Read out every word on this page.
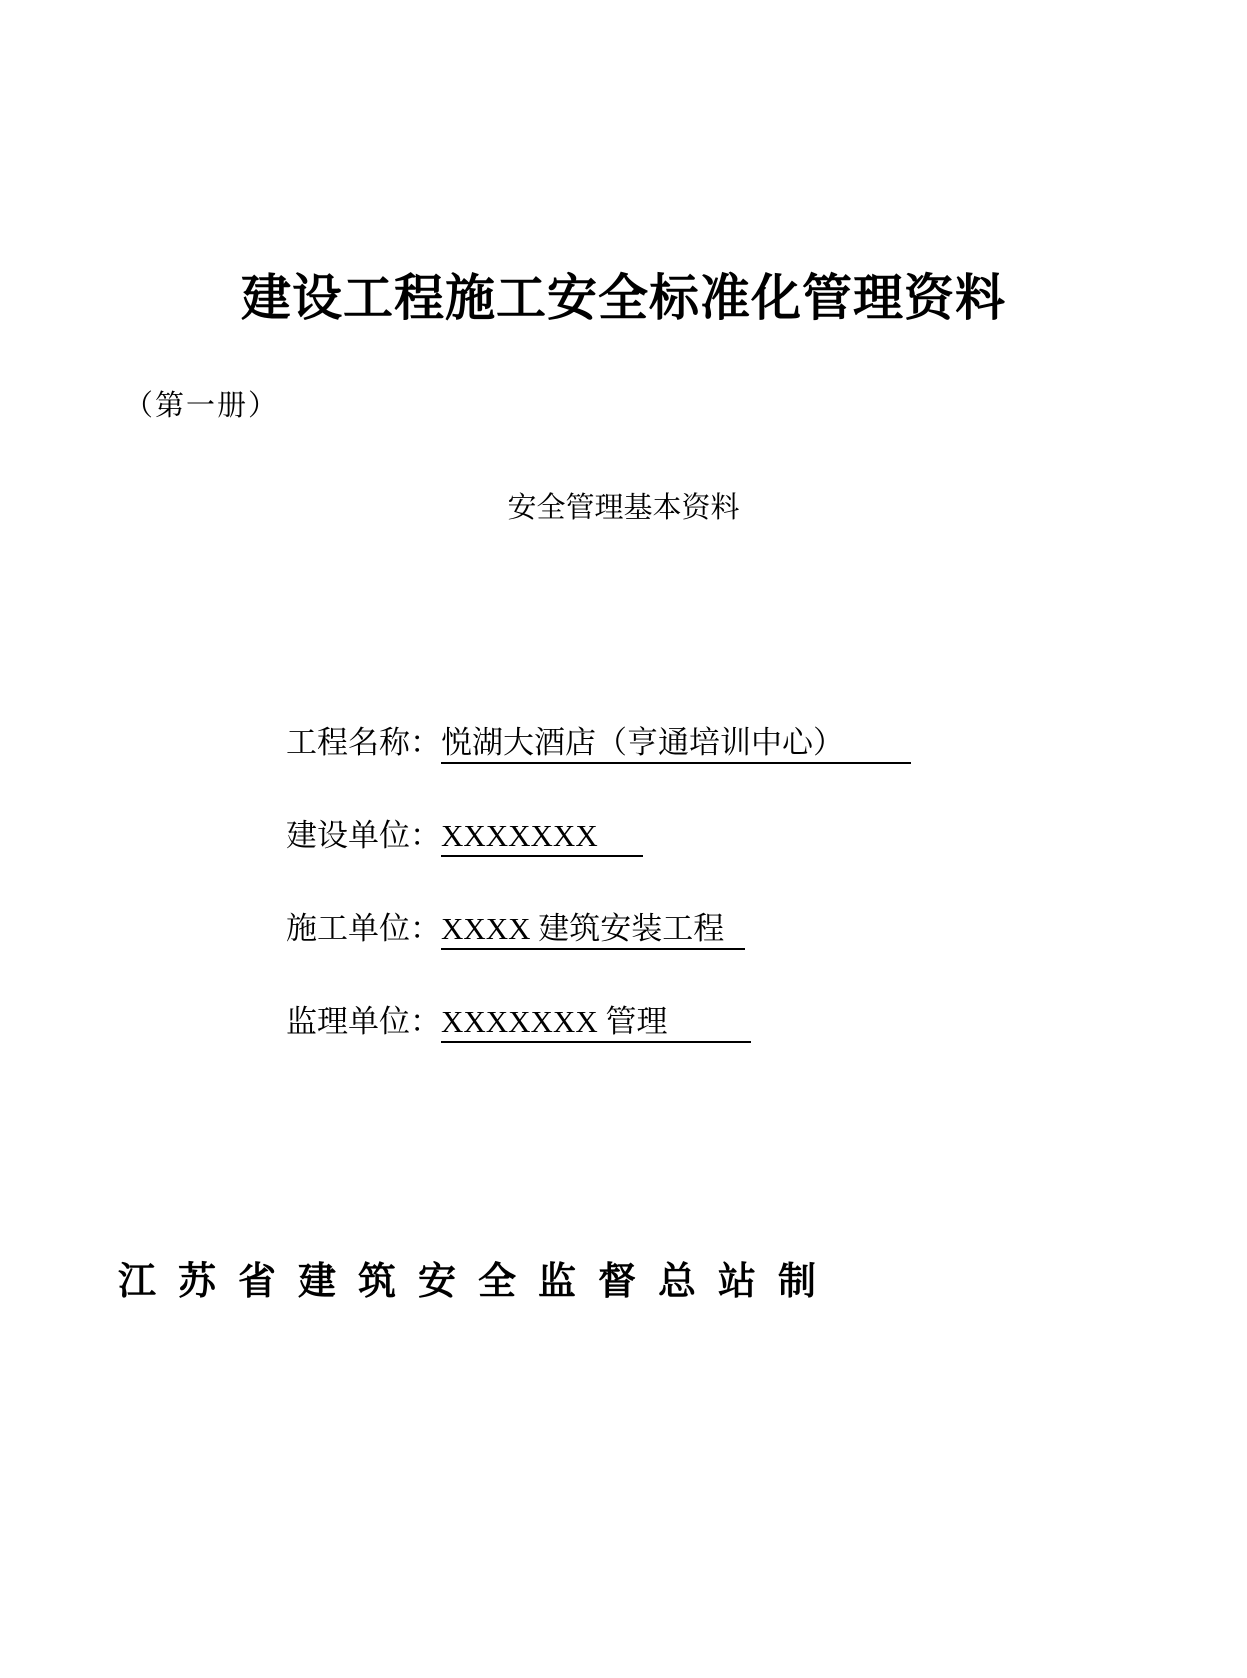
建设工程施工安全标准化管理资料
（第一册）
安全管理基本资料
工程名称：悦湖大酒店（亨通培训中心）
建设单位：XXXXXXX
施工单位：XXXX 建筑安装工程
监理单位：XXXXXXX 管理
江苏省建筑安全监督总站制
